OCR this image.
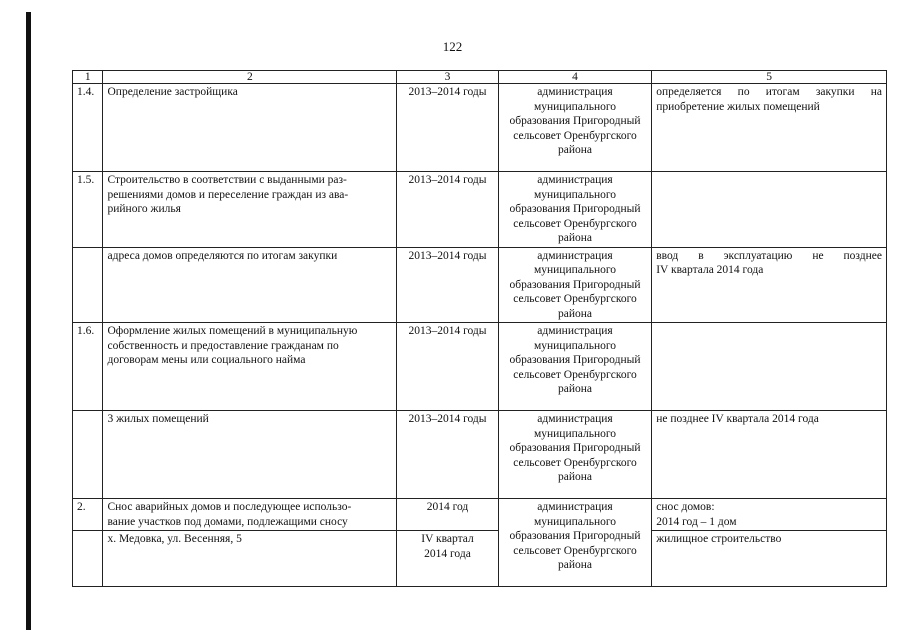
122
1	2	3	4	5
1.4.	Определение застройщика	2013–2014 годы	администрация
муниципального
образования Пригородный
сельсовет Оренбургского
района	определяется по итогам закупки на
приобретение жилых помещений

1.5.	Строительство в соответствии с выданными раз-
решениями домов и переселение граждан из ава-
рийного жилья	2013–2014 годы	администрация
муниципального
образования Пригородный
сельсовет Оренбургского
района	

	адреса домов определяются по итогам закупки	2013–2014 годы	администрация
муниципального
образования Пригородный
сельсовет Оренбургского
района	ввод в эксплуатацию не позднее
IV квартала 2014 года

1.6.	Оформление жилых помещений в муниципальную
собственность и предоставление гражданам по
договорам мены или социального найма	2013–2014 годы	администрация
муниципального
образования Пригородный
сельсовет Оренбургского
района	

	3 жилых помещений	2013–2014 годы	администрация
муниципального
образования Пригородный
сельсовет Оренбургского
района	не позднее IV квартала 2014 года

2.	Снос аварийных домов и последующее использо-
вание участков под домами, подлежащими сносу	2014 год	администрация
муниципального
образования Пригородный
сельсовет Оренбургского
района	снос домов:
2014 год – 1 дом

	х. Медовка, ул. Весенняя, 5	IV квартал
2014 года		жилищное строительство
